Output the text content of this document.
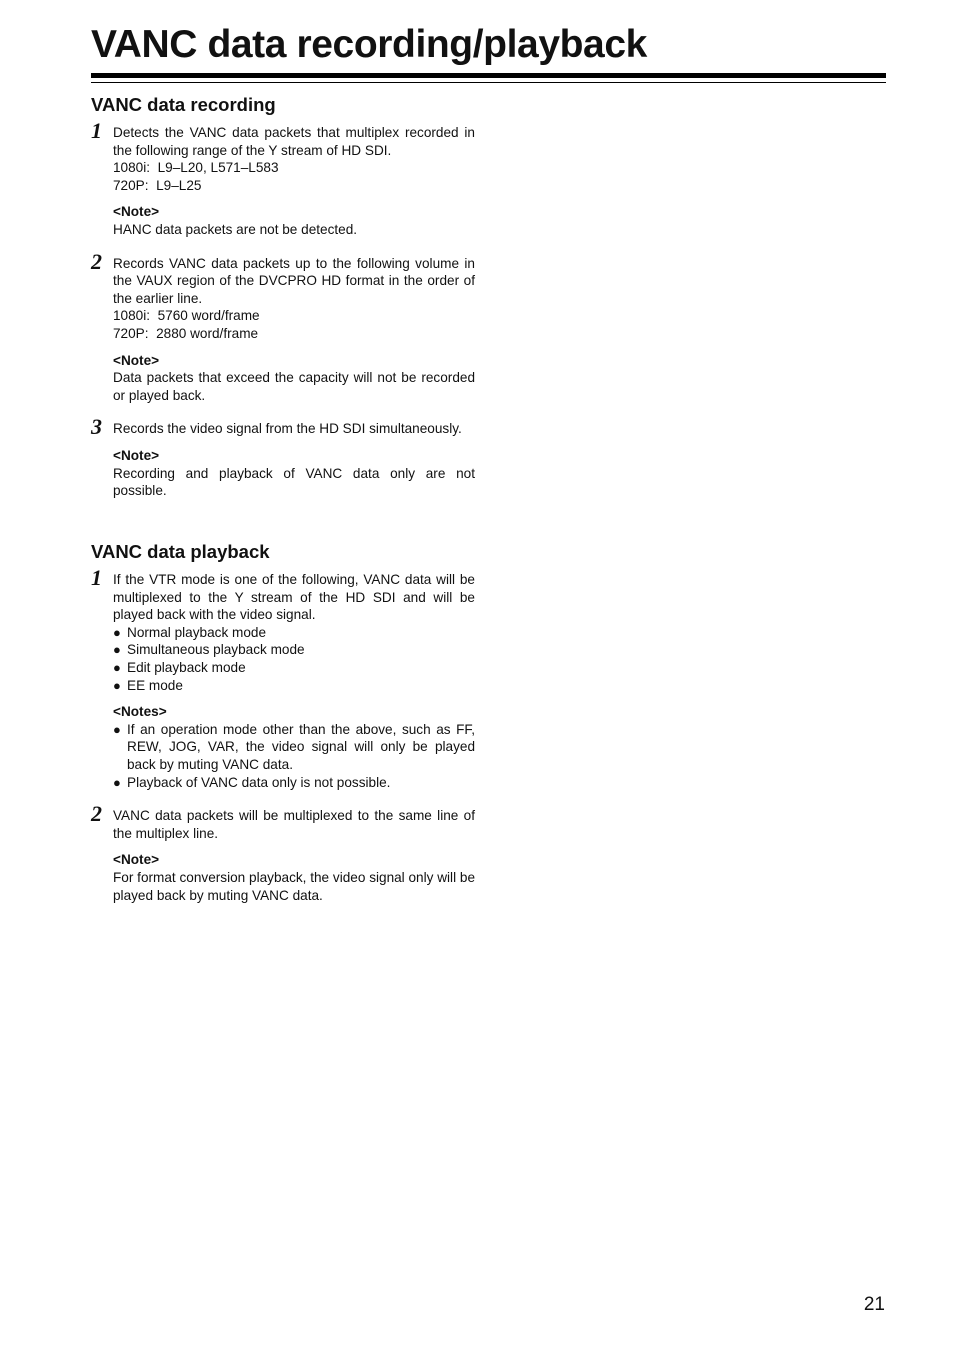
VANC data recording/playback
VANC data recording
1 Detects the VANC data packets that multiplex recorded in the following range of the Y stream of HD SDI.

1080i:  L9–L20, L571–L583

720P:  L9–L25

<Note>

HANC data packets are not be detected.

2 Records VANC data packets up to the following volume in the VAUX region of the DVCPRO HD format in the order of the earlier line.

1080i:  5760 word/frame

720P:  2880 word/frame

<Note>

Data packets that exceed the capacity will not be recorded or played back.

3 Records the video signal from the HD SDI simultaneously.

<Note>

Recording and playback of VANC data only are not possible.

VANC data playback
1 If the VTR mode is one of the following, VANC data will be multiplexed to the Y stream of the HD SDI and will be played back with the video signal.

● Normal playback mode
● Simultaneous playback mode
● Edit playback mode
● EE mode

<Notes>

● If an operation mode other than the above, such as FF, REW, JOG, VAR, the video signal will only be played back by muting VANC data.
● Playback of VANC data only is not possible.
2 VANC data packets will be multiplexed to the same line of the multiplex line.

<Note>

For format conversion playback, the video signal only will be played back by muting VANC data.

21
